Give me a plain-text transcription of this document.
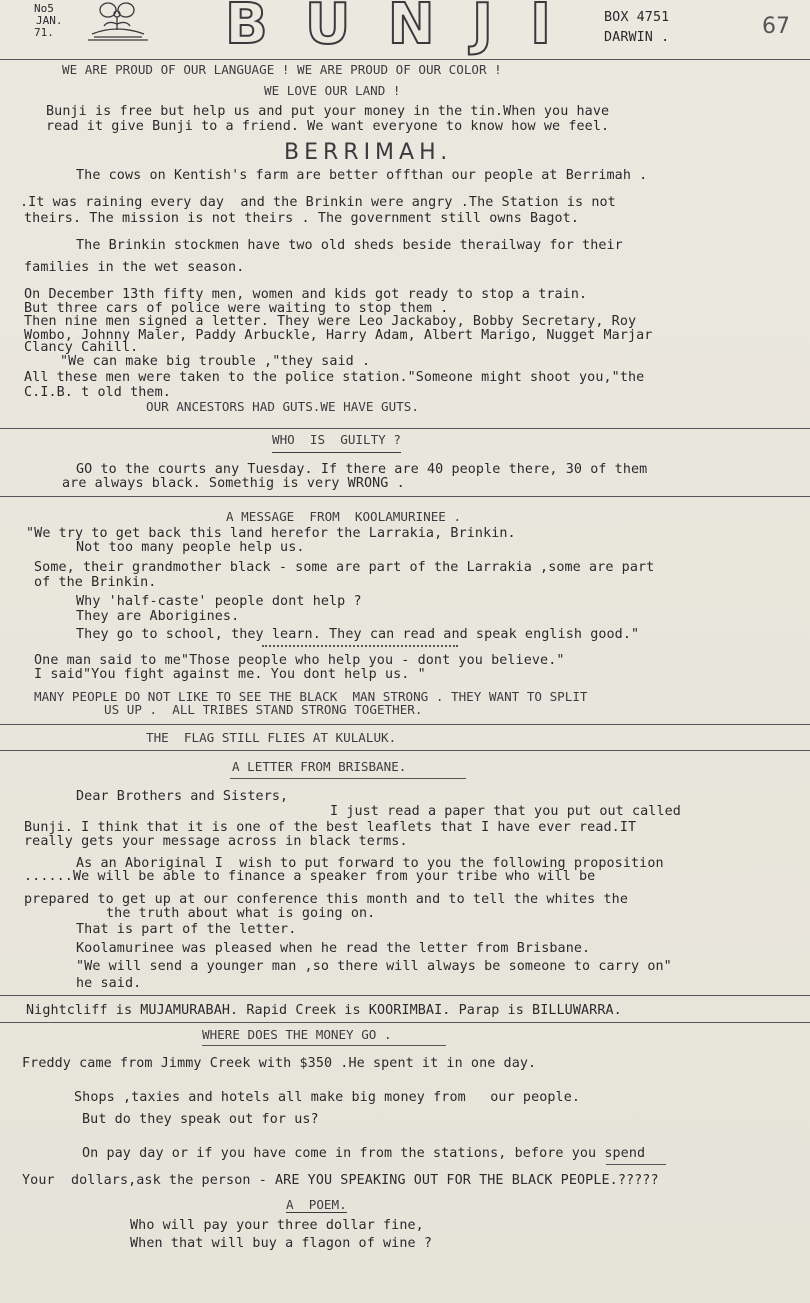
No5
JAN.
71.	B U N J I	BOX 4751
DARWIN .	67
WE ARE PROUD OF OUR LANGUAGE ! WE ARE PROUD OF OUR COLOR !
WE LOVE OUR LAND !
Bunji is free but help us and put your money in the tin.When you have
read it give Bunji to a friend. We want everyone to know how we feel.
BERRIMAH.
The cows on Kentish's farm are better offthan our people at Berrimah .
.It was raining every day  and the Brinkin were angry .The Station is not
theirs. The mission is not theirs . The government still owns Bagot.
The Brinkin stockmen have two old sheds beside therailway for their
families in the wet season.
On December 13th fifty men, women and kids got ready to stop a train.
But three cars of police were waiting to stop them .
Then nine men signed a letter. They were Leo Jackaboy, Bobby Secretary, Roy
Wombo, Johnny Maler, Paddy Arbuckle, Harry Adam, Albert Marigo, Nugget Marjar
Clancy Cahill.
"We can make big trouble ,"they said .
All these men were taken to the police station."Someone might shoot you,"the
C.I.B. t old them.
OUR ANCESTORS HAD GUTS.WE HAVE GUTS.
WHO  IS  GUILTY ?
GO to the courts any Tuesday. If there are 40 people there, 30 of them
are always black. Somethig is very WRONG .
A MESSAGE  FROM  KOOLAMURINEE .
"We try to get back this land herefor the Larrakia, Brinkin.
Not too many people help us.
Some, their grandmother black - some are part of the Larrakia ,some are part
of the Brinkin.
Why 'half-caste' people dont help ?
They are Aborigines.
They go to school, they learn. They can read and speak english good."
One man said to me"Those people who help you - dont you believe."
I said"You fight against me. You dont help us. "
MANY PEOPLE DO NOT LIKE TO SEE THE BLACK  MAN STRONG . THEY WANT TO SPLIT
US UP .  ALL TRIBES STAND STRONG TOGETHER.
THE  FLAG STILL FLIES AT KULALUK.
A LETTER FROM BRISBANE.
Dear Brothers and Sisters,
I just read a paper that you put out called
Bunji. I think that it is one of the best leaflets that I have ever read.IT
really gets your message across in black terms.
As an Aboriginal I  wish to put forward to you the following proposition
......We will be able to finance a speaker from your tribe who will be
prepared to get up at our conference this month and to tell the whites the
the truth about what is going on.
That is part of the letter.
Koolamurinee was pleased when he read the letter from Brisbane.
"We will send a younger man ,so there will always be someone to carry on"
he said.
Nightcliff is MUJAMURABAH. Rapid Creek is KOORIMBAI. Parap is BILLUWARRA.
WHERE DOES THE MONEY GO .
Freddy came from Jimmy Creek with $350 .He spent it in one day.
Shops ,taxies and hotels all make big money from   our people.
But do they speak out for us?
On pay day or if you have come in from the stations, before you spend
Your  dollars,ask the person - ARE YOU SPEAKING OUT FOR THE BLACK PEOPLE.?????
A  POEM.
Who will pay your three dollar fine,
When that will buy a flagon of wine ?
